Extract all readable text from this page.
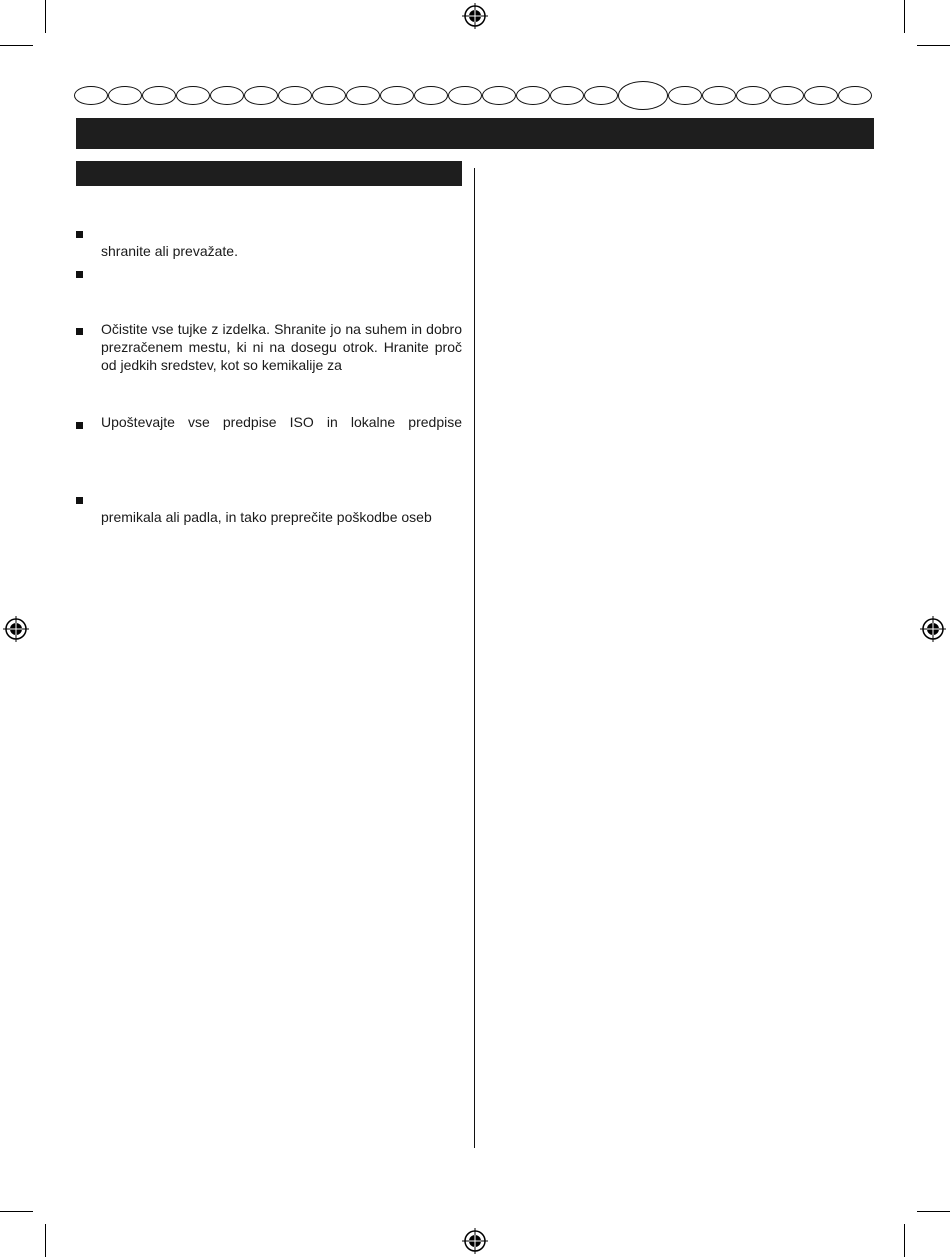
shranite ali prevažate.
Očistite vse tujke z izdelka. Shranite jo na suhem in dobro prezračenem mestu, ki ni na dosegu otrok. Hranite proč od jedkih sredstev, kot so kemikalije za
Upoštevajte vse predpise ISO in lokalne predpise

premikala ali padla, in tako preprečite poškodbe oseb
